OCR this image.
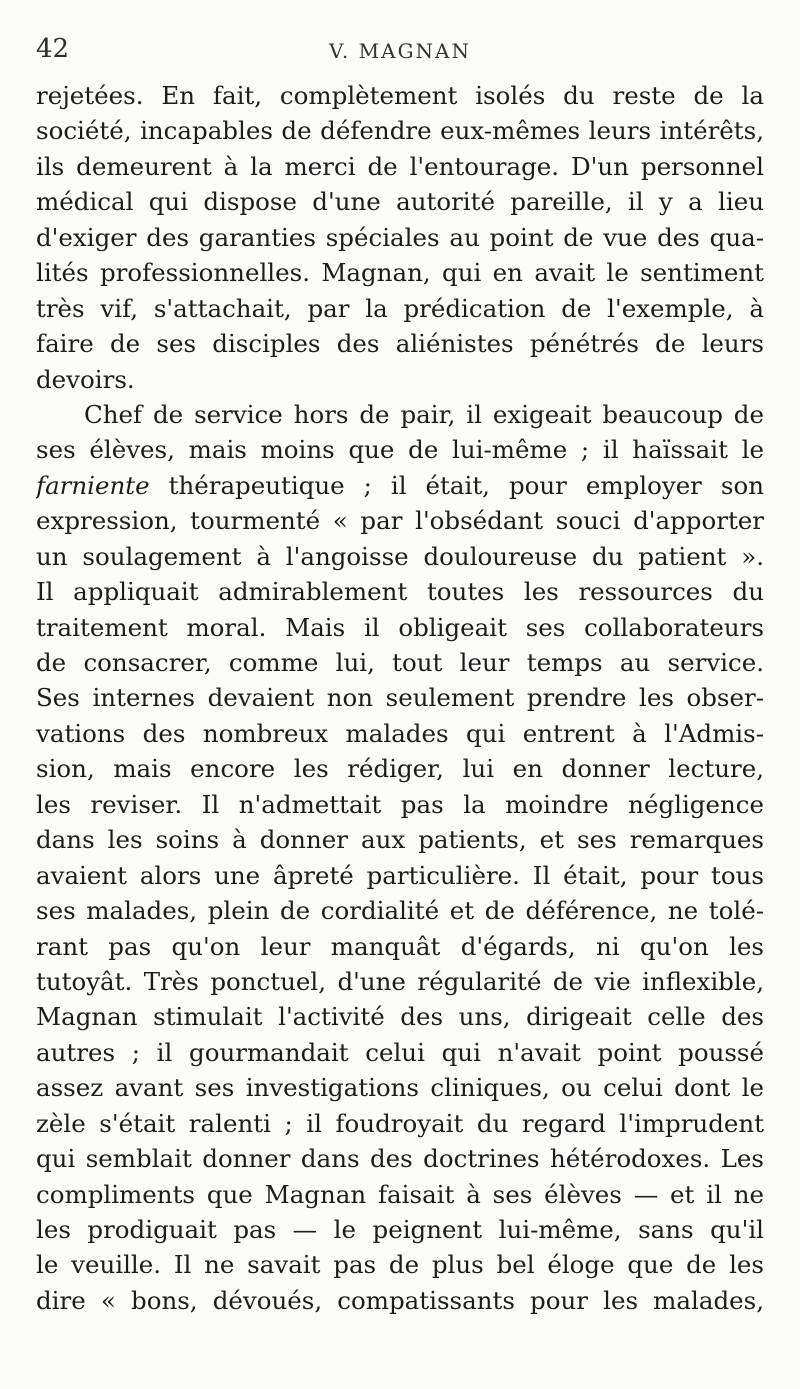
42	V. MAGNAN
rejetées. En fait, complètement isolés du reste de la
société, incapables de défendre eux-mêmes leurs intérêts,
ils demeurent à la merci de l'entourage. D'un personnel
médical qui dispose d'une autorité pareille, il y a lieu
d'exiger des garanties spéciales au point de vue des qua-
lités professionnelles. Magnan, qui en avait le sentiment
très vif, s'attachait, par la prédication de l'exemple, à
faire de ses disciples des aliénistes pénétrés de leurs
devoirs.
Chef de service hors de pair, il exigeait beaucoup de
ses élèves, mais moins que de lui-même ; il haïssait le
farniente thérapeutique ; il était, pour employer son
expression, tourmenté « par l'obsédant souci d'apporter
un soulagement à l'angoisse douloureuse du patient ».
Il appliquait admirablement toutes les ressources du
traitement moral. Mais il obligeait ses collaborateurs
de consacrer, comme lui, tout leur temps au service.
Ses internes devaient non seulement prendre les obser-
vations des nombreux malades qui entrent à l'Admis-
sion, mais encore les rédiger, lui en donner lecture,
les reviser. Il n'admettait pas la moindre négligence
dans les soins à donner aux patients, et ses remarques
avaient alors une âpreté particulière. Il était, pour tous
ses malades, plein de cordialité et de déférence, ne tolé-
rant pas qu'on leur manquât d'égards, ni qu'on les
tutoyât. Très ponctuel, d'une régularité de vie inflexible,
Magnan stimulait l'activité des uns, dirigeait celle des
autres ; il gourmandait celui qui n'avait point poussé
assez avant ses investigations cliniques, ou celui dont le
zèle s'était ralenti ; il foudroyait du regard l'imprudent
qui semblait donner dans des doctrines hétérodoxes. Les
compliments que Magnan faisait à ses élèves — et il ne
les prodiguait pas — le peignent lui-même, sans qu'il
le veuille. Il ne savait pas de plus bel éloge que de les
dire « bons, dévoués, compatissants pour les malades,
